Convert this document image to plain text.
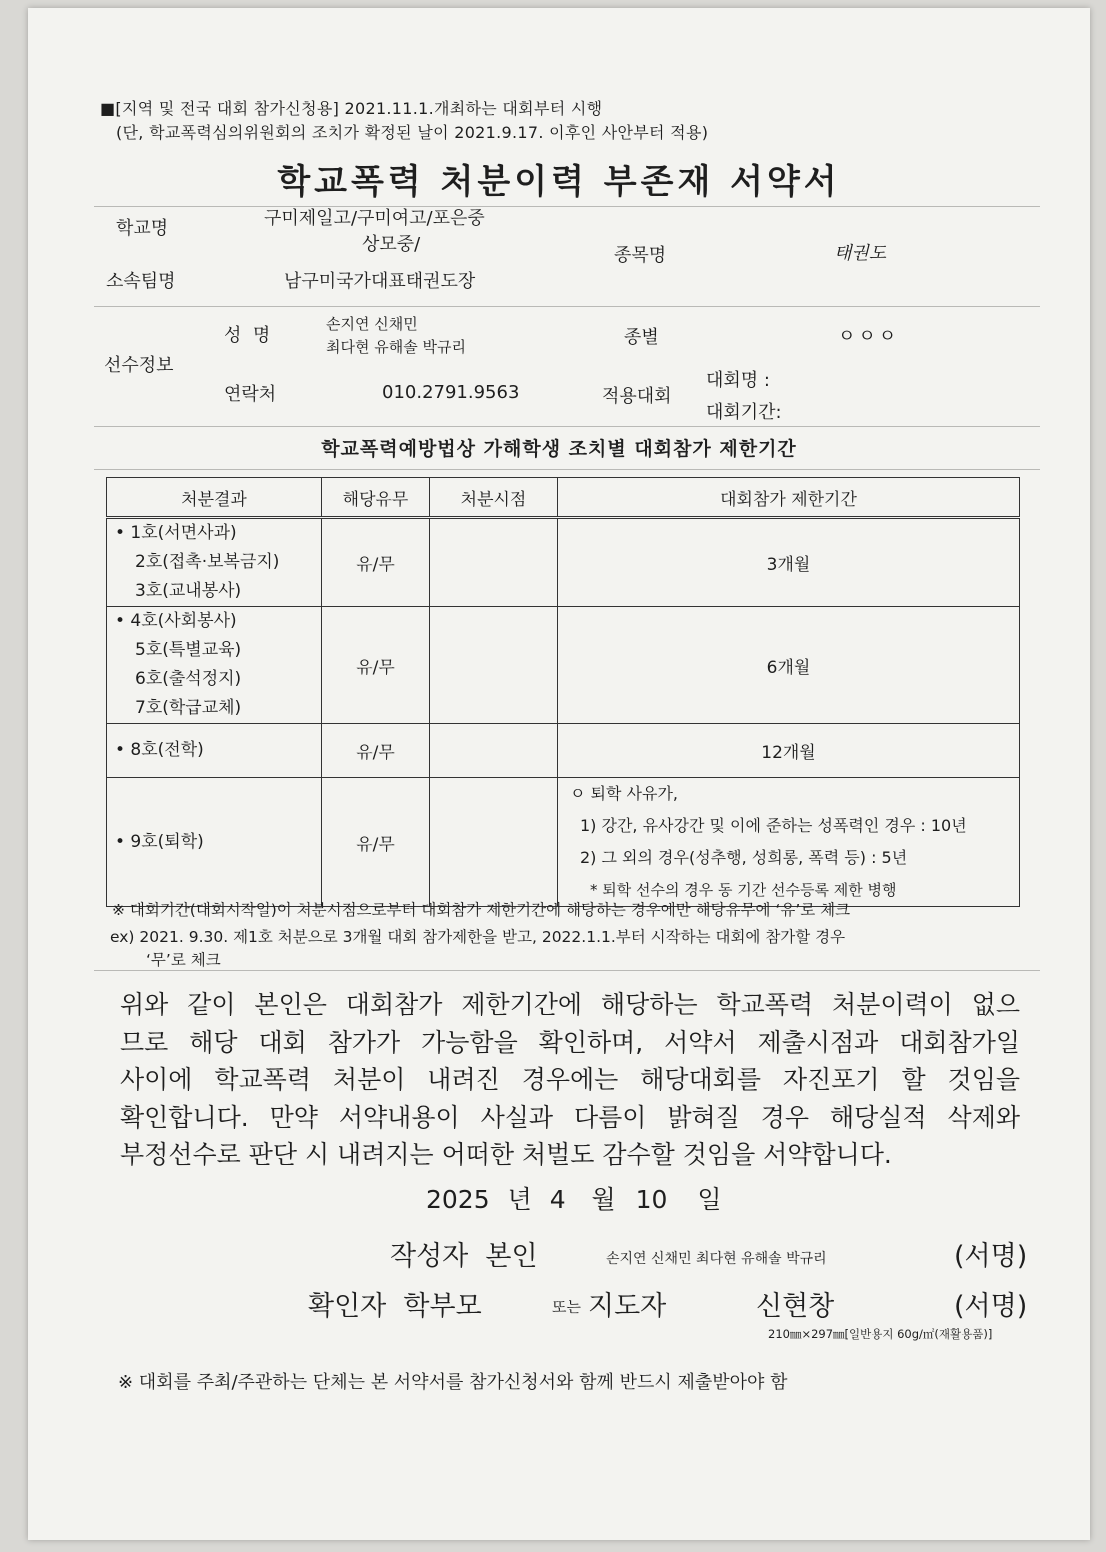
■[지역 및 전국 대회 참가신청용] 2021.11.1.개최하는 대회부터 시행
(단, 학교폭력심의위원회의 조치가 확정된 날이 2021.9.17. 이후인 사안부터 적용)
학교폭력 처분이력 부존재 서약서
학교명	구미제일고/구미여고/포은중
상모중/
소속팀명	남구미국가대표태권도장
종목명	태권도
선수정보
성  명
손지연 신채민
최다현 유해솔 박규리	종별	ㅇㅇㅇ
연락처	010.2791.9563	적용대회
대회명 :
대회기간:
학교폭력예방법상 가해학생 조치별 대회참가 제한기간
처분결과	해당유무	처분시점	대회참가 제한기간

• 1호(서면사과)
2호(접촉·보복금지)
3호(교내봉사)	유/무		3개월

• 4호(사회봉사)
5호(특별교육)
6호(출석정지)
7호(학급교체)	유/무		6개월

• 8호(전학)	유/무		12개월

• 9호(퇴학)	유/무		ㅇ 퇴학 사유가,
1) 강간, 유사강간 및 이에 준하는 성폭력인 경우 : 10년
2) 그 외의 경우(성추행, 성희롱, 폭력 등) : 5년
* 퇴학 선수의 경우 동 기간 선수등록 제한 병행
※ 대회기간(대회시작일)이 처분시점으로부터 대회참가 제한기간에 해당하는 경우에만 해당유무에 ‘유’로 체크
ex) 2021. 9.30. 제1호 처분으로 3개월 대회 참가제한을 받고, 2022.1.1.부터 시작하는 대회에 참가할 경우
‘무’로 체크
위와 같이 본인은 대회참가 제한기간에 해당하는 학교폭력 처분이력이 없으
므로 해당 대회 참가가 가능함을 확인하며, 서약서 제출시점과 대회참가일
사이에 학교폭력 처분이 내려진 경우에는 해당대회를 자진포기 할 것임을
확인합니다. 만약 서약내용이 사실과 다름이 밝혀질 경우 해당실적 삭제와
부정선수로 판단 시 내려지는 어떠한 처벌도 감수할 것임을 서약합니다.
2025 년 4 월 10 일
작성자  본인	손지연 신채민 최다현 유해솔 박규리	(서명)
확인자  학부모	또는 지도자	신현창	(서명)
210㎜×297㎜[일반용지 60g/㎡(재활용품)]
※ 대회를 주최/주관하는 단체는 본 서약서를 참가신청서와 함께 반드시 제출받아야 함
